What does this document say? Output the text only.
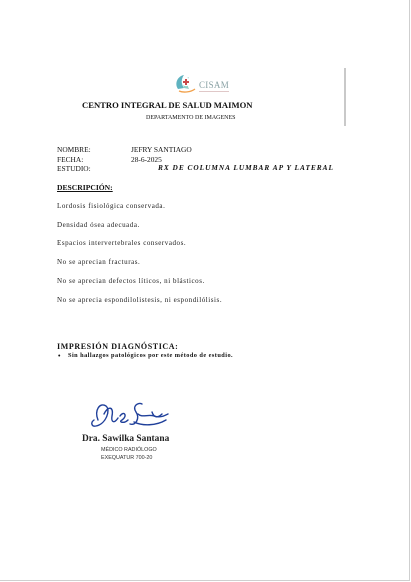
CISAM
CENTRO INTEGRAL DE SALUD MAIMON
DEPARTAMENTO DE IMAGENES
NOMBRE:	JEFRY SANTIAGO
FECHA:	28-6-2025
ESTUDIO:	RX DE COLUMNA LUMBAR AP Y LATERAL
DESCRIPCIÓN:
Lordosis fisiológica conservada.
Densidad ósea adecuada.
Espacios intervertebrales conservados.
No se aprecian fracturas.
No se aprecian defectos líticos, ni blásticos.
No se aprecia espondilolistesis, ni espondilólisis.
IMPRESIÓN DIAGNÓSTICA:
• Sin hallazgos patológicos por este método de estudio.
Dra. Sawilka Santana
MÉDICO RADIÓLOGO
EXEQUATUR 700-20
